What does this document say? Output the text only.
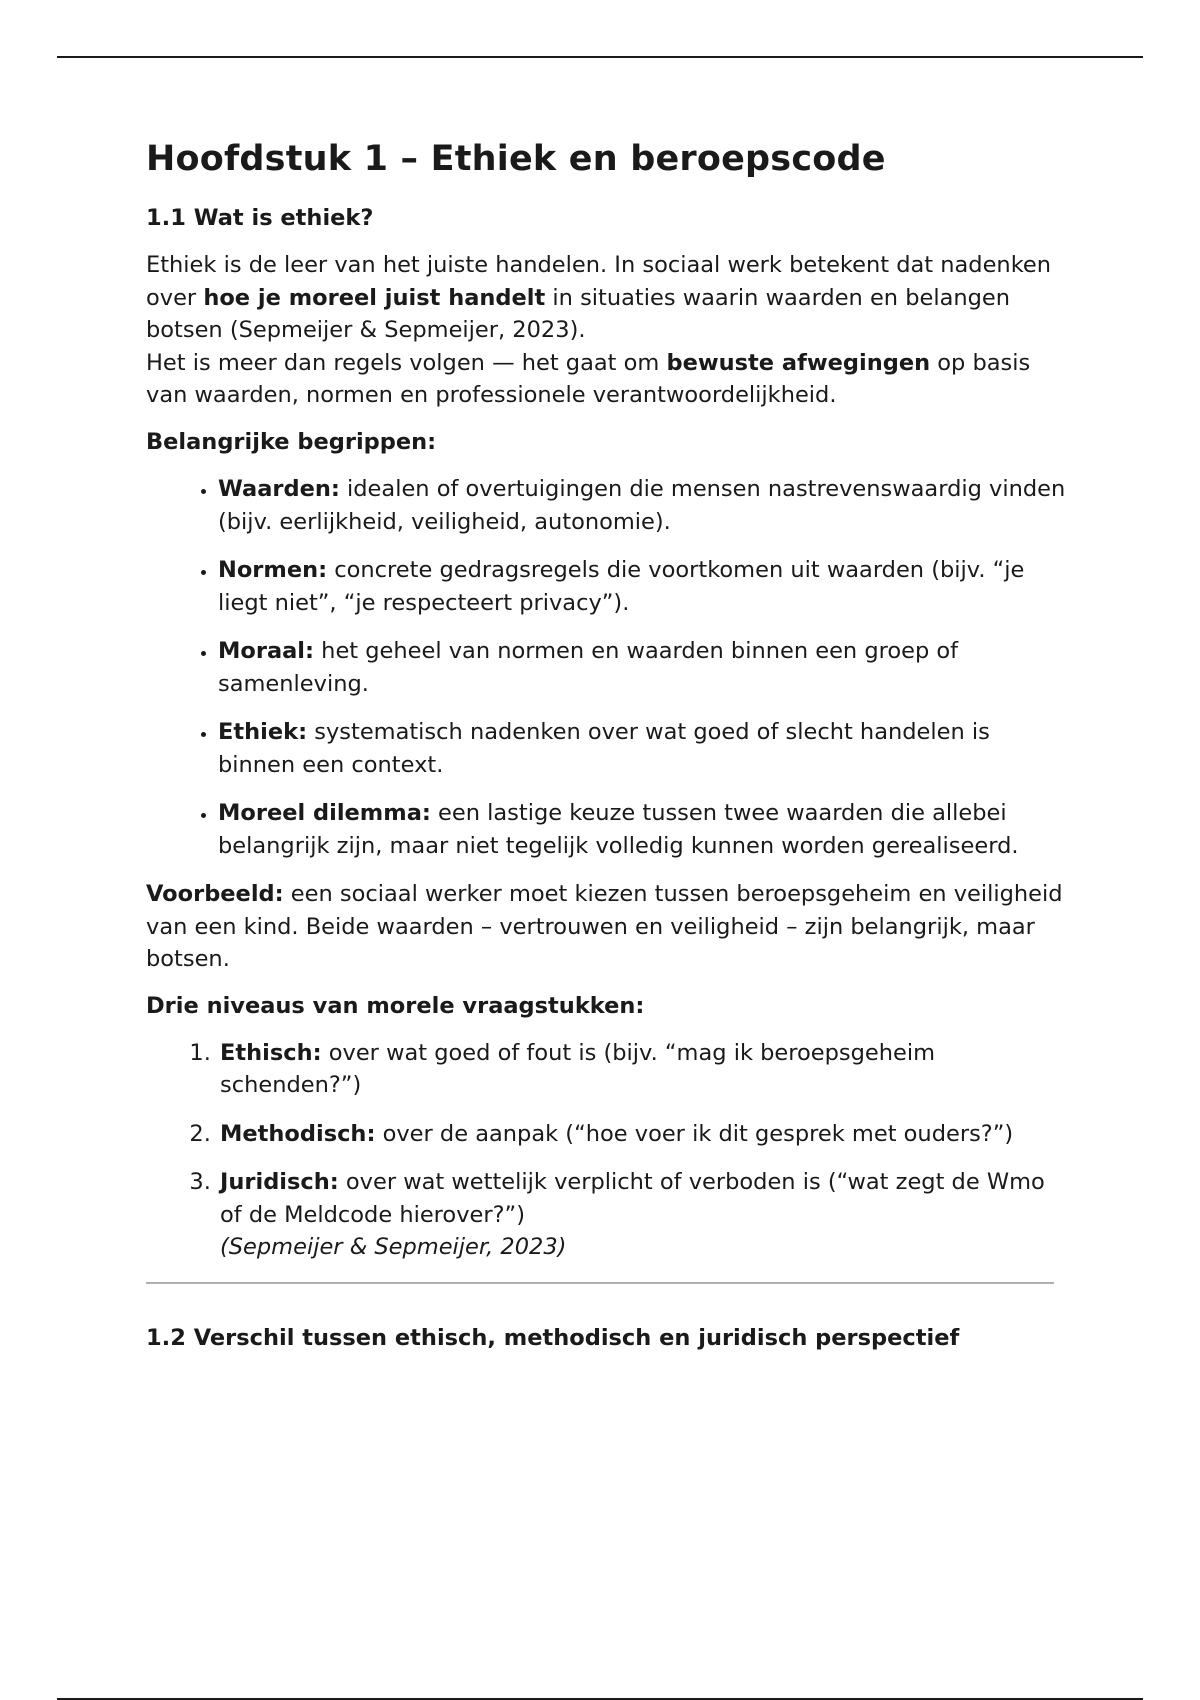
Hoofdstuk 1 – Ethiek en beroepscode
1.1 Wat is ethiek?

Ethiek is de leer van het juiste handelen. In sociaal werk betekent dat nadenken over hoe je moreel juist handelt in situaties waarin waarden en belangen botsen (Sepmeijer & Sepmeijer, 2023).

Het is meer dan regels volgen — het gaat om bewuste afwegingen op basis van waarden, normen en professionele verantwoordelijkheid.

Belangrijke begrippen:
• Waarden: idealen of overtuigingen die mensen nastrevenswaardig vinden (bijv. eerlijkheid, veiligheid, autonomie).
• Normen: concrete gedragsregels die voortkomen uit waarden (bijv. “je liegt niet”, “je respecteert privacy”).
• Moraal: het geheel van normen en waarden binnen een groep of samenleving.
• Ethiek: systematisch nadenken over wat goed of slecht handelen is binnen een context.
• Moreel dilemma: een lastige keuze tussen twee waarden die allebei belangrijk zijn, maar niet tegelijk volledig kunnen worden gerealiseerd.

Voorbeeld: een sociaal werker moet kiezen tussen beroepsgeheim en veiligheid van een kind. Beide waarden – vertrouwen en veiligheid – zijn belangrijk, maar botsen.

Drie niveaus van morele vraagstukken:
1. Ethisch: over wat goed of fout is (bijv. “mag ik beroepsgeheim schenden?”)
2. Methodisch: over de aanpak (“hoe voer ik dit gesprek met ouders?”)
3. Juridisch: over wat wettelijk verplicht of verboden is (“wat zegt de Wmo of de Meldcode hierover?”)
(Sepmeijer & Sepmeijer, 2023)
1.2 Verschil tussen ethisch, methodisch en juridisch perspectief
